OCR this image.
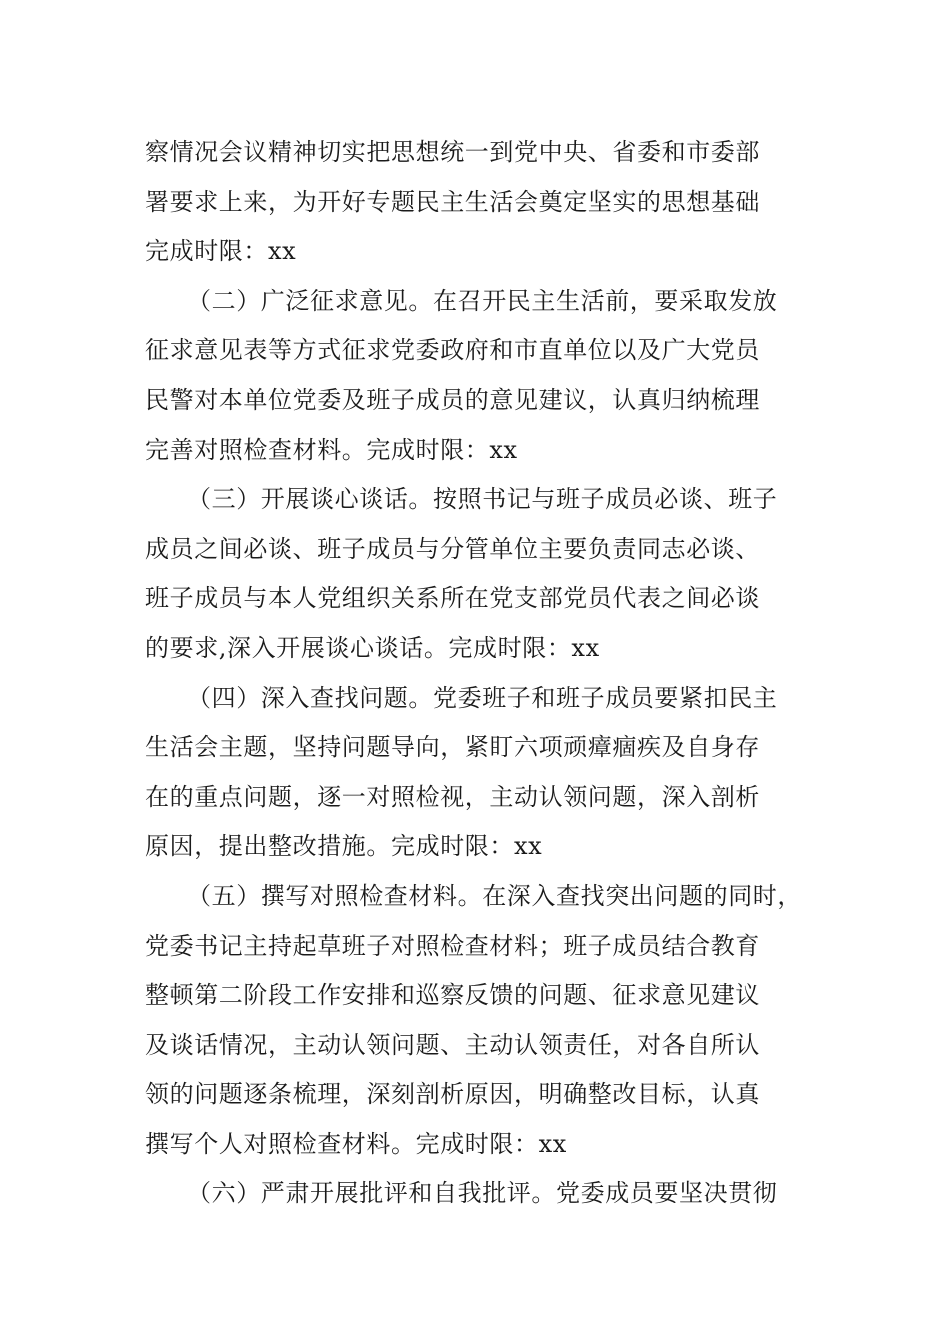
察情况会议精神切实把思想统一到党中央、省委和市委部
署要求上来，为开好专题民主生活会奠定坚实的思想基础
完成时限：xx
（二）广泛征求意见。在召开民主生活前，要采取发放
征求意见表等方式征求党委政府和市直单位以及广大党员
民警对本单位党委及班子成员的意见建议，认真归纳梳理
完善对照检查材料。完成时限：xx
（三）开展谈心谈话。按照书记与班子成员必谈、班子
成员之间必谈、班子成员与分管单位主要负责同志必谈、
班子成员与本人党组织关系所在党支部党员代表之间必谈
的要求,深入开展谈心谈话。完成时限：xx
（四）深入查找问题。党委班子和班子成员要紧扣民主
生活会主题，坚持问题导向，紧盯六项顽瘴痼疾及自身存
在的重点问题，逐一对照检视，主动认领问题，深入剖析
原因，提出整改措施。完成时限：xx
（五）撰写对照检查材料。在深入查找突出问题的同时，
党委书记主持起草班子对照检查材料；班子成员结合教育
整顿第二阶段工作安排和巡察反馈的问题、征求意见建议
及谈话情况，主动认领问题、主动认领责任，对各自所认
领的问题逐条梳理，深刻剖析原因，明确整改目标，认真
撰写个人对照检查材料。完成时限：xx
（六）严肃开展批评和自我批评。党委成员要坚决贯彻
